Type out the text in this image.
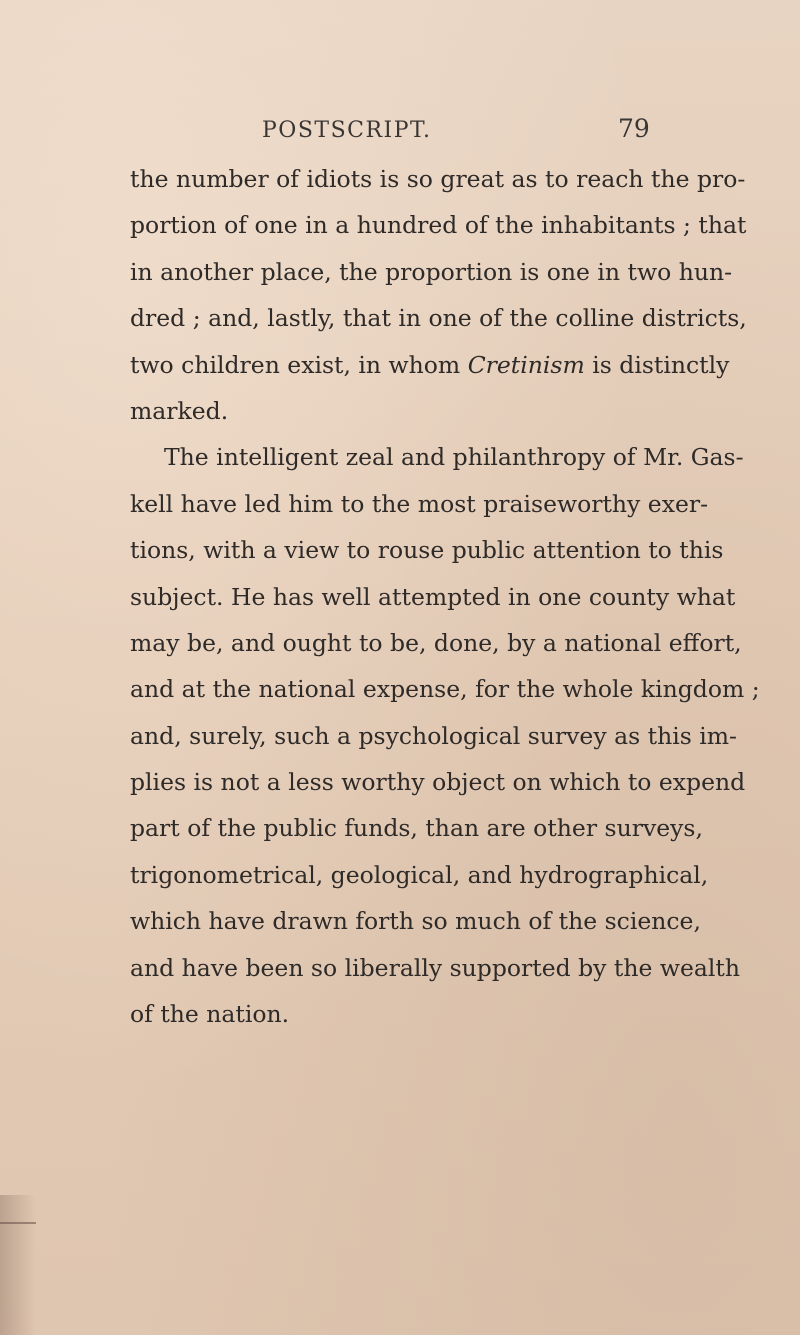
POSTSCRIPT.	79
the number of idiots is so great as to reach the pro-
portion of one in a hundred of the inhabitants ; that
in another place, the proportion is one in two hun-
dred ; and, lastly, that in one of the colline districts,
two children exist, in whom Cretinism is distinctly
marked.
The intelligent zeal and philanthropy of Mr. Gas-
kell have led him to the most praiseworthy exer-
tions, with a view to rouse public attention to this
subject. He has well attempted in one county what
may be, and ought to be, done, by a national effort,
and at the national expense, for the whole kingdom ;
and, surely, such a psychological survey as this im-
plies is not a less worthy object on which to expend
part of the public funds, than are other surveys,
trigonometrical, geological, and hydrographical,
which have drawn forth so much of the science,
and have been so liberally supported by the wealth
of the nation.
